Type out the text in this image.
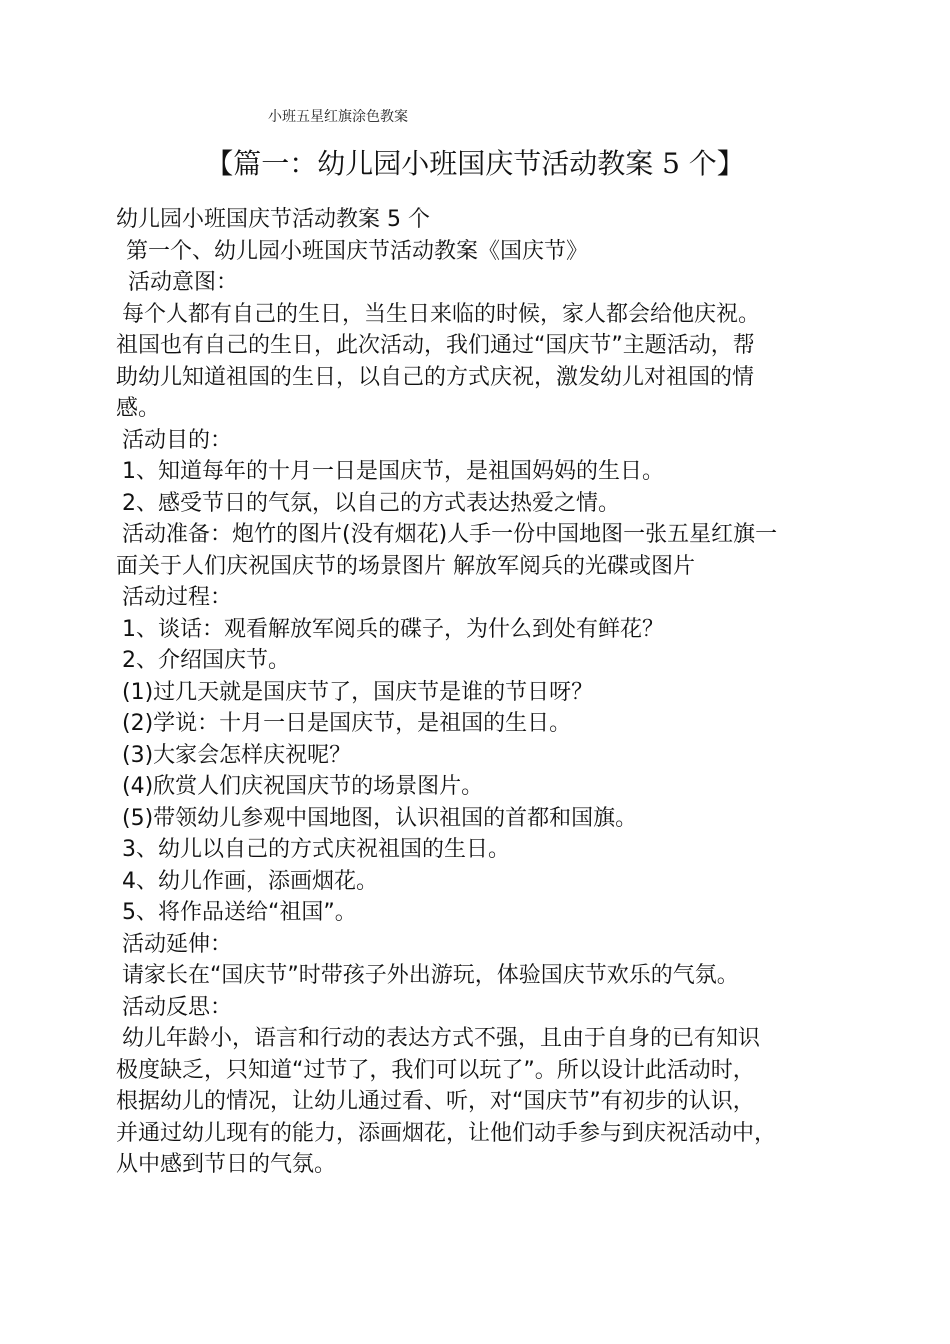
小班五星红旗涂色教案
【篇一：幼儿园小班国庆节活动教案 5 个】
幼儿园小班国庆节活动教案 5 个
第一个、幼儿园小班国庆节活动教案《国庆节》
活动意图：
每个人都有自己的生日，当生日来临的时候，家人都会给他庆祝。
祖国也有自己的生日，此次活动，我们通过“国庆节”主题活动，帮
助幼儿知道祖国的生日，以自己的方式庆祝，激发幼儿对祖国的情
感。
活动目的：
1、知道每年的十月一日是国庆节，是祖国妈妈的生日。
2、感受节日的气氛，以自己的方式表达热爱之情。
活动准备：炮竹的图片(没有烟花)人手一份中国地图一张五星红旗一
面关于人们庆祝国庆节的场景图片 解放军阅兵的光碟或图片
活动过程：
1、谈话：观看解放军阅兵的碟子，为什么到处有鲜花？
2、介绍国庆节。
(1)过几天就是国庆节了，国庆节是谁的节日呀？
(2)学说：十月一日是国庆节，是祖国的生日。
(3)大家会怎样庆祝呢？
(4)欣赏人们庆祝国庆节的场景图片。
(5)带领幼儿参观中国地图，认识祖国的首都和国旗。
3、幼儿以自己的方式庆祝祖国的生日。
4、幼儿作画，添画烟花。
5、将作品送给“祖国”。
活动延伸：
请家长在“国庆节”时带孩子外出游玩，体验国庆节欢乐的气氛。
活动反思：
幼儿年龄小，语言和行动的表达方式不强，且由于自身的已有知识
极度缺乏，只知道“过节了，我们可以玩了”。所以设计此活动时，
根据幼儿的情况，让幼儿通过看、听，对“国庆节”有初步的认识，
并通过幼儿现有的能力，添画烟花，让他们动手参与到庆祝活动中，
从中感到节日的气氛。
